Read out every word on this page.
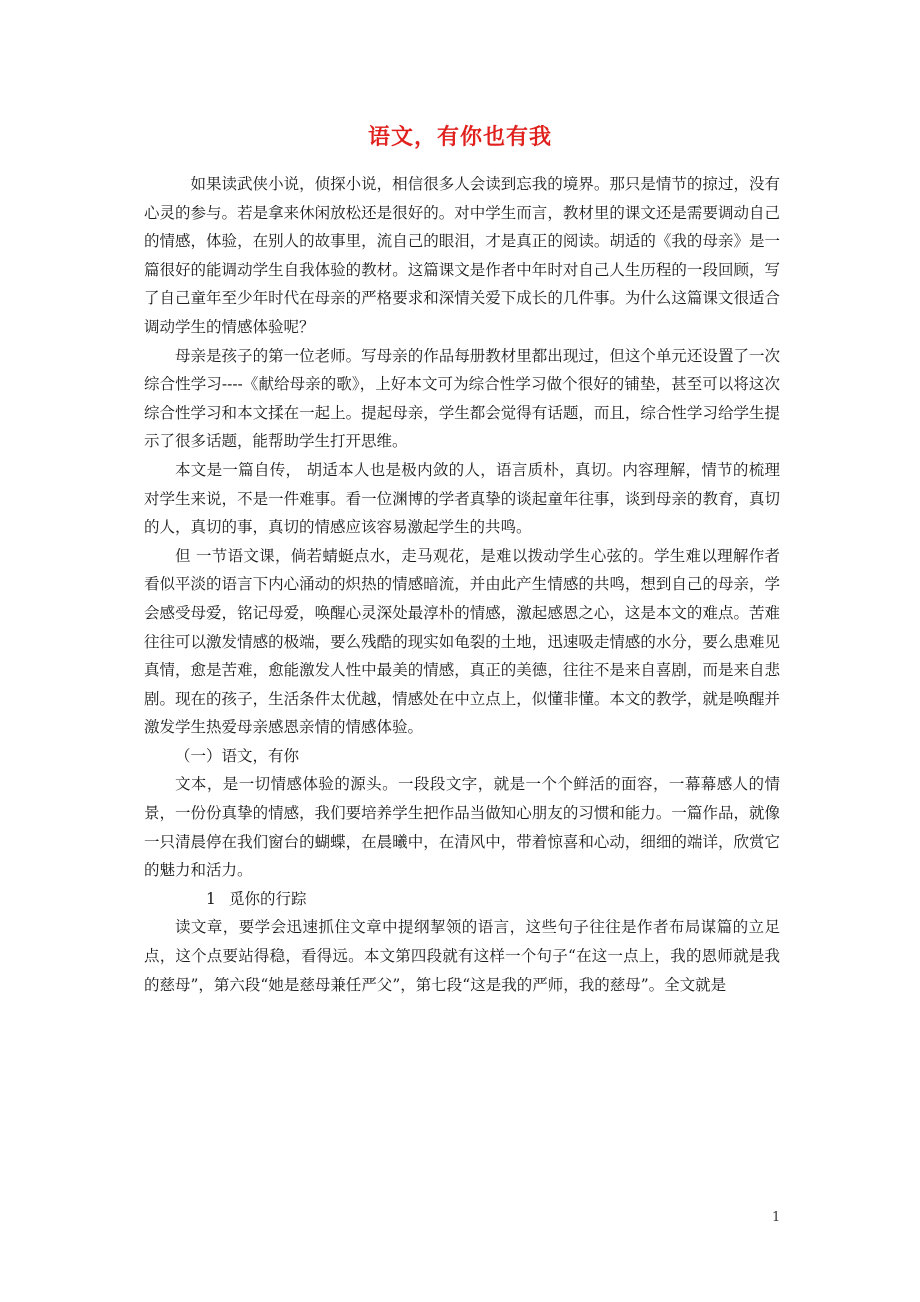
语文，有你也有我

如果读武侠小说，侦探小说，相信很多人会读到忘我的境界。那只是情节的掠过，没有心灵的参与。若是拿来休闲放松还是很好的。对中学生而言，教材里的课文还是需要调动自己的情感，体验，在别人的故事里，流自己的眼泪，才是真正的阅读。胡适的《我的母亲》是一篇很好的能调动学生自我体验的教材。这篇课文是作者中年时对自己人生历程的一段回顾，写了自己童年至少年时代在母亲的严格要求和深情关爱下成长的几件事。为什么这篇课文很适合调动学生的情感体验呢？

母亲是孩子的第一位老师。写母亲的作品每册教材里都出现过，但这个单元还设置了一次综合性学习----《献给母亲的歌》，上好本文可为综合性学习做个很好的铺垫，甚至可以将这次综合性学习和本文揉在一起上。提起母亲，学生都会觉得有话题，而且，综合性学习给学生提示了很多话题，能帮助学生打开思维。

本文是一篇自传， 胡适本人也是极内敛的人，语言质朴，真切。内容理解，情节的梳理对学生来说，不是一件难事。看一位渊博的学者真挚的谈起童年往事，谈到母亲的教育，真切的人，真切的事，真切的情感应该容易激起学生的共鸣。

但 一节语文课，倘若蜻蜓点水，走马观花，是难以拨动学生心弦的。学生难以理解作者看似平淡的语言下内心涌动的炽热的情感暗流，并由此产生情感的共鸣，想到自己的母亲，学会感受母爱，铭记母爱，唤醒心灵深处最淳朴的情感，激起感恩之心，这是本文的难点。苦难往往可以激发情感的极端，要么残酷的现实如龟裂的土地，迅速吸走情感的水分，要么患难见真情，愈是苦难，愈能激发人性中最美的情感，真正的美德，往往不是来自喜剧，而是来自悲剧。现在的孩子，生活条件太优越，情感处在中立点上，似懂非懂。本文的教学，就是唤醒并激发学生热爱母亲感恩亲情的情感体验。

（一）语文，有你

文本，是一切情感体验的源头。一段段文字，就是一个个鲜活的面容，一幕幕感人的情景，一份份真挚的情感，我们要培养学生把作品当做知心朋友的习惯和能力。一篇作品，就像一只清晨停在我们窗台的蝴蝶，在晨曦中，在清风中，带着惊喜和心动，细细的端详，欣赏它的魅力和活力。

1 觅你的行踪

读文章，要学会迅速抓住文章中提纲挈领的语言，这些句子往往是作者布局谋篇的立足点，这个点要站得稳，看得远。本文第四段就有这样一个句子“在这一点上，我的恩师就是我的慈母”，第六段“她是慈母兼任严父”，第七段“这是我的严师，我的慈母”。全文就是

1
